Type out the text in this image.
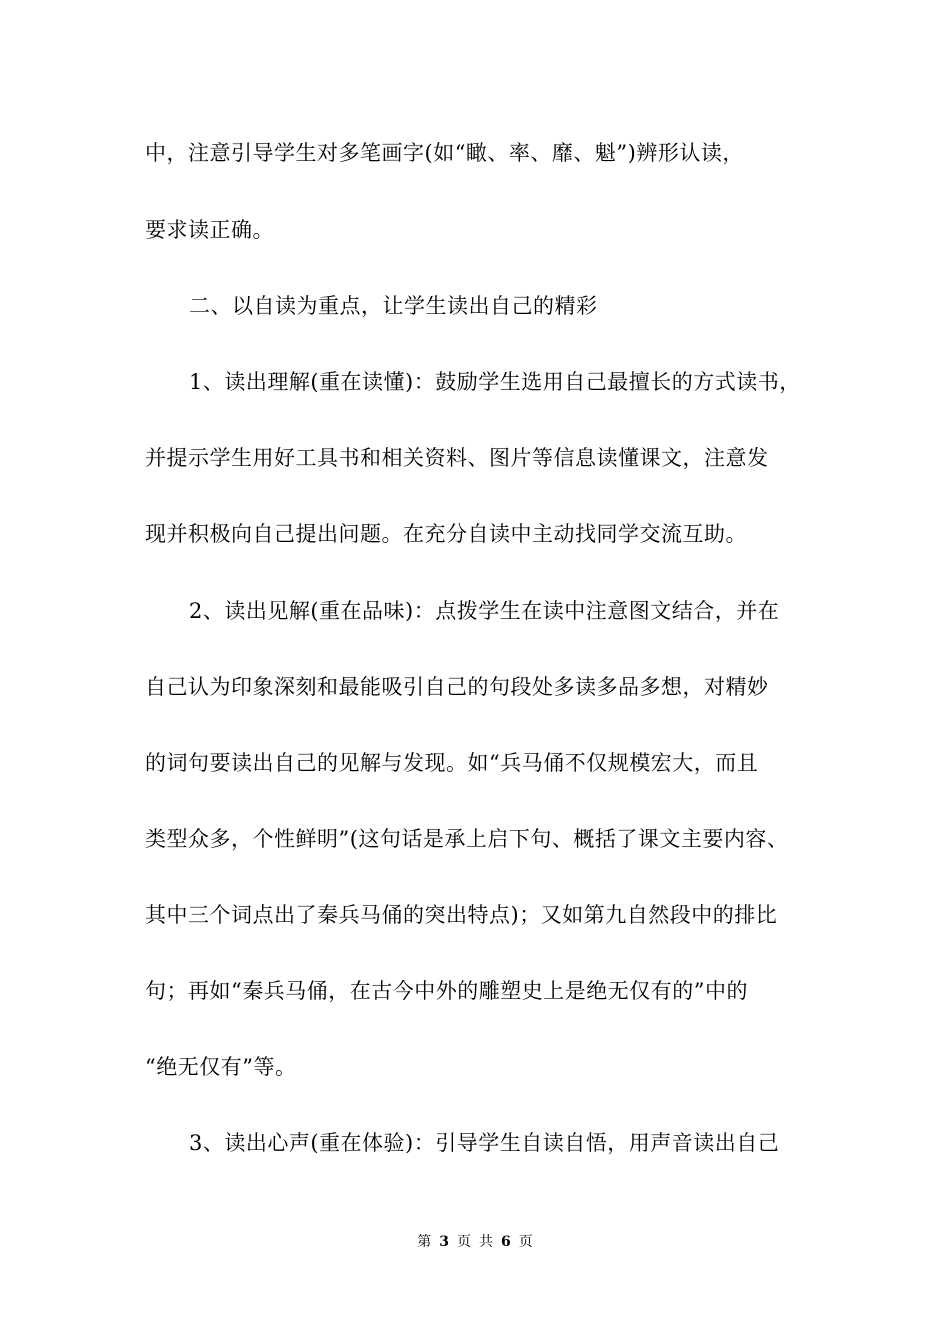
中，注意引导学生对多笔画字(如“瞰、率、靡、魁”)辨形认读，
要求读正确。
二、以自读为重点，让学生读出自己的精彩
1、读出理解(重在读懂)：鼓励学生选用自己最擅长的方式读书，
并提示学生用好工具书和相关资料、图片等信息读懂课文，注意发
现并积极向自己提出问题。在充分自读中主动找同学交流互助。
2、读出见解(重在品味)：点拨学生在读中注意图文结合，并在
自己认为印象深刻和最能吸引自己的句段处多读多品多想，对精妙
的词句要读出自己的见解与发现。如“兵马俑不仅规模宏大，而且
类型众多，个性鲜明”(这句话是承上启下句、概括了课文主要内容、
其中三个词点出了秦兵马俑的突出特点)；又如第九自然段中的排比
句；再如“秦兵马俑，在古今中外的雕塑史上是绝无仅有的”中的
“绝无仅有”等。
3、读出心声(重在体验)：引导学生自读自悟，用声音读出自己
第 3 页 共 6 页
